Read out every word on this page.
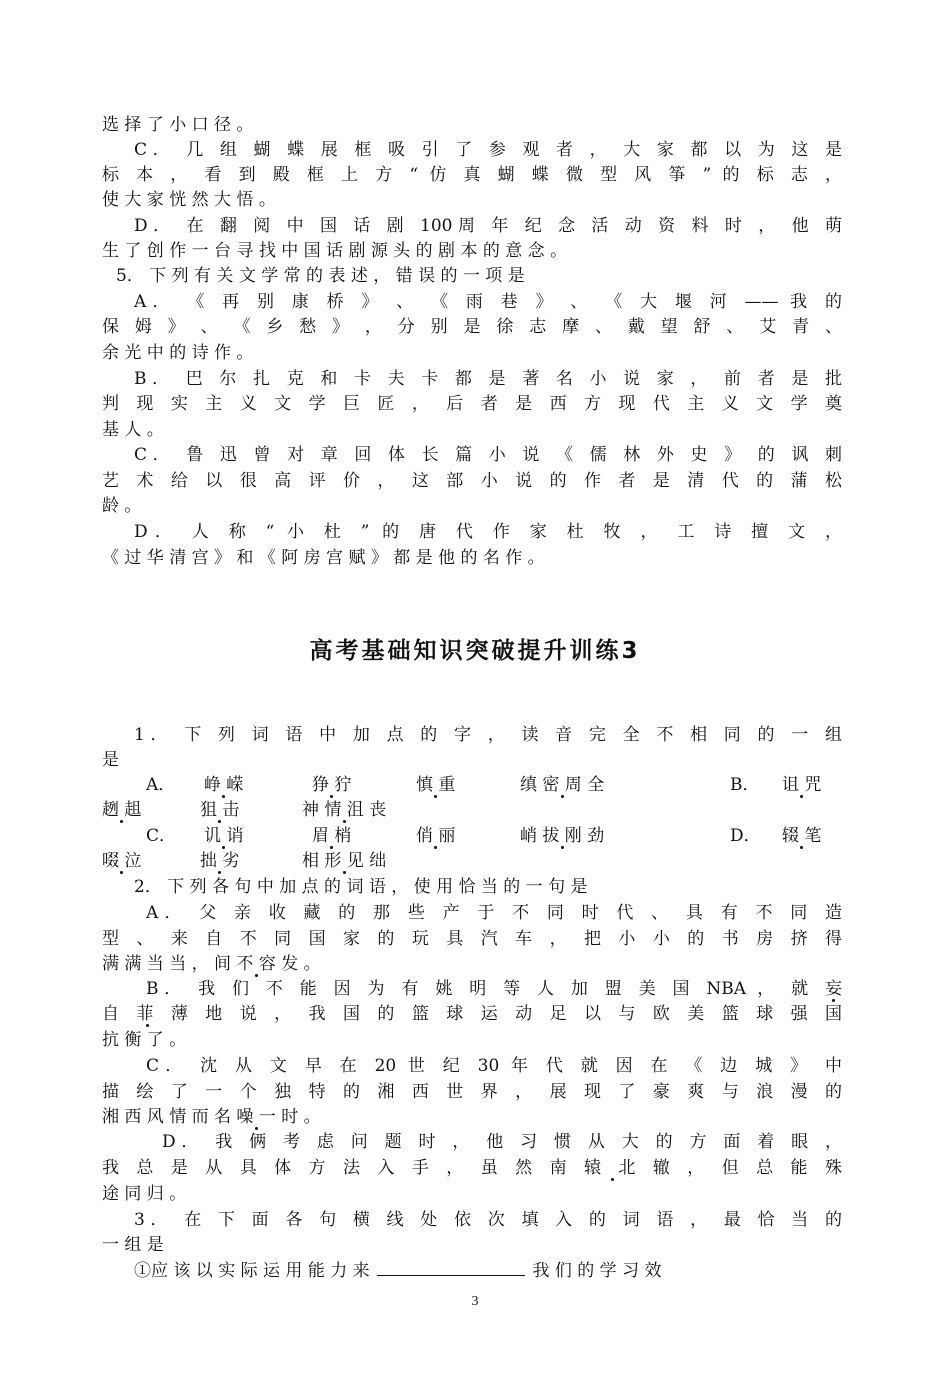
选 择 了 小 口 径 。
C． 几 组 蝴 蝶 展 框 吸 引 了 参 观 者 ， 大 家 都 以 为 这 是
标 本 ， 看 到 殿 框 上 方 “ 仿 真 蝴 蝶 微 型 风 筝 ” 的 标 志 ，
使 大 家 恍 然 大 悟 。
D． 在 翻 阅 中 国 话 剧 100周 年 纪 念 活 动 资 料 时 ， 他 萌
生 了 创 作 一 台 寻 找 中 国 话 剧 源 头 的 剧 本 的 意 念 。
5． 下 列 有 关 文 学 常 的 表 述 ， 错 误 的 一 项 是
A． 《 再 别 康 桥 》 、 《 雨 巷 》 、 《 大 堰 河 —— 我 的
保 姆 》 、 《 乡 愁 》 ， 分 别 是 徐 志 摩 、 戴 望 舒 、 艾 青 、
余 光 中 的 诗 作 。
B． 巴 尔 扎 克 和 卡 夫 卡 都 是 著 名 小 说 家 ， 前 者 是 批
判 现 实 主 义 文 学 巨 匠 ， 后 者 是 西 方 现 代 主 义 文 学 奠
基 人 。
C． 鲁 迅 曾 对 章 回 体 长 篇 小 说 《 儒 林 外 史 》 的 讽 刺
艺 术 给 以 很 高 评 价 ， 这 部 小 说 的 作 者 是 清 代 的 蒲 松
龄 。
D． 人 称 “ 小 杜 ” 的 唐 代 作 家 杜 牧 ， 工 诗 擅 文 ，
《 过 华 清 宫 》 和 《 阿 房 宫 赋 》 都 是 他 的 名 作 。
高考基础知识突破提升训练3
1． 下 列 词 语 中 加 点 的 字 ， 读 音 完 全 不 相 同 的 一 组
是
A． 峥 嵘	狰 狞	慎 重	缜 密 周 全	B． 诅 咒
趔 趄	狙 击	神 情 沮 丧
C． 讥 诮	眉 梢	俏 丽	峭 拔 刚 劲	D． 辍 笔
啜 泣	拙 劣	相 形 见 绌
2． 下 列 各 句 中 加 点 的 词 语 ， 使 用 恰 当 的 一 句 是
A． 父 亲 收 藏 的 那 些 产 于 不 同 时 代 、 具 有 不 同 造
型 、 来 自 不 同 国 家 的 玩 具 汽 车 ， 把 小 小 的 书 房 挤 得
满 满 当 当 ， 间 不 容 发 。
B． 我 们 不 能 因 为 有 姚 明 等 人 加 盟 美 国 NBA ， 就 妄
自 菲 薄 地 说 ， 我 国 的 篮 球 运 动 足 以 与 欧 美 篮 球 强 国
抗 衡 了 。
C． 沈 从 文 早 在 20 世 纪 30 年 代 就 因 在 《 边 城 》 中
描 绘 了 一 个 独 特 的 湘 西 世 界 ， 展 现 了 豪 爽 与 浪 漫 的
湘 西 风 情 而 名 噪 一 时 。
D． 我 俩 考 虑 问 题 时 ， 他 习 惯 从 大 的 方 面 着 眼 ，
我 总 是 从 具 体 方 法 入 手 ， 虽 然 南 辕 北 辙 ， 但 总 能 殊
途 同 归 。
3． 在 下 面 各 句 横 线 处 依 次 填 入 的 词 语 ， 最 恰 当 的
一 组 是
①应 该 以 实 际 运 用 能 力 来	我 们 的 学 习 效
3
